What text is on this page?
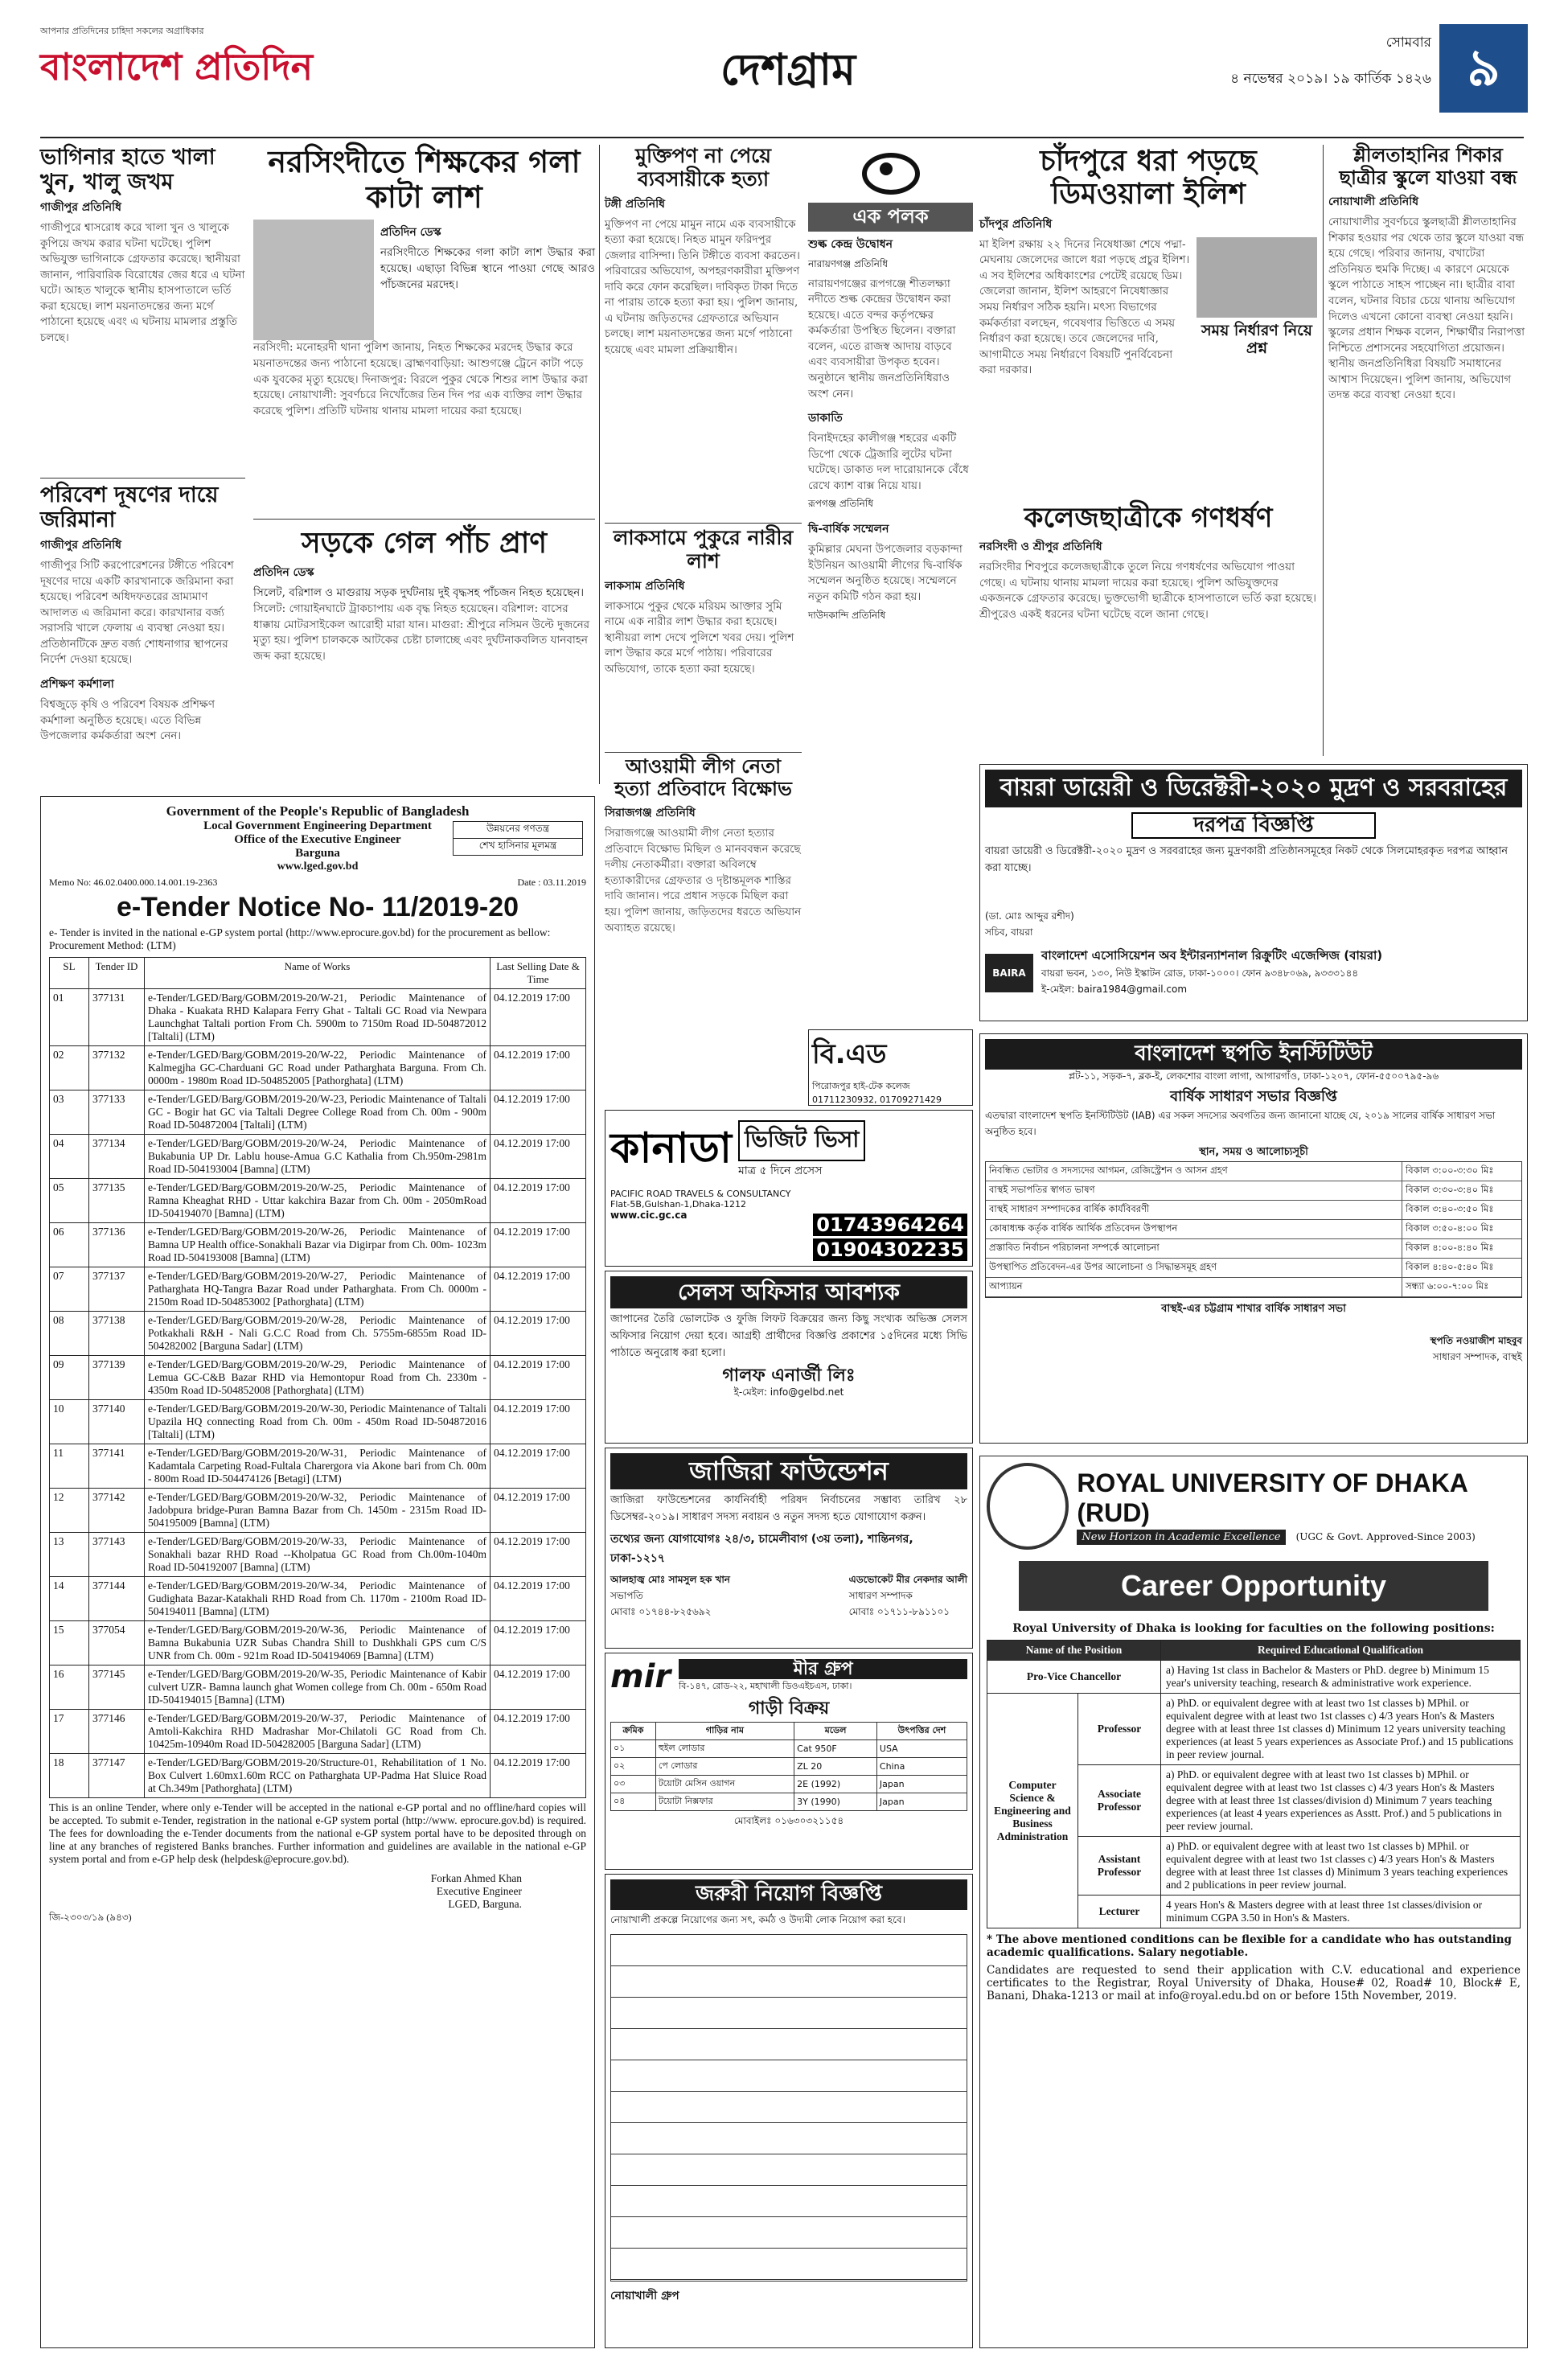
আপনার প্রতিদিনের চাহিদা সকলের অগ্রাধিকার
বাংলাদেশ প্রতিদিন	দেশগ্রাম
সোমবার
৪ নভেম্বর ২০১৯। ১৯ কার্তিক ১৪২৬ ৯
ভাগিনার হাতে খালা খুন, খালু জখম
গাজীপুর প্রতিনিধি
গাজীপুরে শ্বাসরোধ করে খালা খুন ও খালুকে কুপিয়ে জখম করার ঘটনা ঘটেছে। পুলিশ অভিযুক্ত ভাগিনাকে গ্রেফতার করেছে। স্থানীয়রা জানান, পারিবারিক বিরোধের জের ধরে এ ঘটনা ঘটে। আহত খালুকে স্থানীয় হাসপাতালে ভর্তি করা হয়েছে। লাশ ময়নাতদন্তের জন্য মর্গে পাঠানো হয়েছে এবং এ ঘটনায় মামলার প্রস্তুতি চলছে।
পরিবেশ দূষণের দায়ে জরিমানা
গাজীপুর প্রতিনিধি
গাজীপুর সিটি করপোরেশনের টঙ্গীতে পরিবেশ দূষণের দায়ে একটি কারখানাকে জরিমানা করা হয়েছে। পরিবেশ অধিদফতরের ভ্রাম্যমাণ আদালত এ জরিমানা করে। কারখানার বর্জ্য সরাসরি খালে ফেলায় এ ব্যবস্থা নেওয়া হয়। প্রতিষ্ঠানটিকে দ্রুত বর্জ্য শোধনাগার স্থাপনের নির্দেশ দেওয়া হয়েছে।
প্রশিক্ষণ কর্মশালা
বিশ্বজুড়ে কৃষি ও পরিবেশ বিষয়ক প্রশিক্ষণ কর্মশালা অনুষ্ঠিত হয়েছে। এতে বিভিন্ন উপজেলার কর্মকর্তারা অংশ নেন।
নরসিংদীতে শিক্ষকের গলা কাটা লাশ
প্রতিদিন ডেস্ক
নরসিংদীতে শিক্ষকের গলা কাটা লাশ উদ্ধার করা হয়েছে। এছাড়া বিভিন্ন স্থানে পাওয়া গেছে আরও পাঁচজনের মরদেহ।
নরসিংদী: মনোহরদী থানা পুলিশ জানায়, নিহত শিক্ষকের মরদেহ উদ্ধার করে ময়নাতদন্তের জন্য পাঠানো হয়েছে। ব্রাহ্মণবাড়িয়া: আশুগঞ্জে ট্রেনে কাটা পড়ে এক যুবকের মৃত্যু হয়েছে। দিনাজপুর: বিরলে পুকুর থেকে শিশুর লাশ উদ্ধার করা হয়েছে। নোয়াখালী: সুবর্ণচরে নিখোঁজের তিন দিন পর এক ব্যক্তির লাশ উদ্ধার করেছে পুলিশ। প্রতিটি ঘটনায় থানায় মামলা দায়ের করা হয়েছে।
সড়কে গেল পাঁচ প্রাণ
প্রতিদিন ডেস্ক
সিলেট, বরিশাল ও মাগুরায় সড়ক দুর্ঘটনায় দুই বৃদ্ধসহ পাঁচজন নিহত হয়েছেন।
সিলেট: গোয়াইনঘাটে ট্রাকচাপায় এক বৃদ্ধ নিহত হয়েছেন। বরিশাল: বাসের ধাক্কায় মোটরসাইকেল আরোহী মারা যান। মাগুরা: শ্রীপুরে নসিমন উল্টে দুজনের মৃত্যু হয়। পুলিশ চালককে আটকের চেষ্টা চালাচ্ছে এবং দুর্ঘটনাকবলিত যানবাহন জব্দ করা হয়েছে।
মুক্তিপণ না পেয়ে ব্যবসায়ীকে হত্যা
টঙ্গী প্রতিনিধি
মুক্তিপণ না পেয়ে মামুন নামে এক ব্যবসায়ীকে হত্যা করা হয়েছে। নিহত মামুন ফরিদপুর জেলার বাসিন্দা। তিনি টঙ্গীতে ব্যবসা করতেন। পরিবারের অভিযোগ, অপহরণকারীরা মুক্তিপণ দাবি করে ফোন করেছিল। দাবিকৃত টাকা দিতে না পারায় তাকে হত্যা করা হয়। পুলিশ জানায়, এ ঘটনায় জড়িতদের গ্রেফতারে অভিযান চলছে। লাশ ময়নাতদন্তের জন্য মর্গে পাঠানো হয়েছে এবং মামলা প্রক্রিয়াধীন।
লাকসামে পুকুরে নারীর লাশ
লাকসাম প্রতিনিধি
লাকসামে পুকুর থেকে মরিয়ম আক্তার সুমি নামে এক নারীর লাশ উদ্ধার করা হয়েছে। স্থানীয়রা লাশ দেখে পুলিশে খবর দেয়। পুলিশ লাশ উদ্ধার করে মর্গে পাঠায়। পরিবারের অভিযোগ, তাকে হত্যা করা হয়েছে।
আওয়ামী লীগ নেতা হত্যা প্রতিবাদে বিক্ষোভ
সিরাজগঞ্জ প্রতিনিধি
সিরাজগঞ্জে আওয়ামী লীগ নেতা হত্যার প্রতিবাদে বিক্ষোভ মিছিল ও মানববন্ধন করেছে দলীয় নেতাকর্মীরা। বক্তারা অবিলম্বে হত্যাকারীদের গ্রেফতার ও দৃষ্টান্তমূলক শাস্তির দাবি জানান। পরে প্রধান সড়কে মিছিল করা হয়। পুলিশ জানায়, জড়িতদের ধরতে অভিযান অব্যাহত রয়েছে।
এক পলক
শুল্ক কেন্দ্র উদ্বোধন
নারায়ণগঞ্জ প্রতিনিধি
নারায়ণগঞ্জের রূপগঞ্জে শীতলক্ষ্যা নদীতে শুল্ক কেন্দ্রের উদ্বোধন করা হয়েছে। এতে বন্দর কর্তৃপক্ষের কর্মকর্তারা উপস্থিত ছিলেন। বক্তারা বলেন, এতে রাজস্ব আদায় বাড়বে এবং ব্যবসায়ীরা উপকৃত হবেন। অনুষ্ঠানে স্থানীয় জনপ্রতিনিধিরাও অংশ নেন।
ডাকাতি
বিনাইদহের কালীগঞ্জ শহরের একটি ডিপো থেকে ট্রেজারি লুটের ঘটনা ঘটেছে। ডাকাত দল দারোয়ানকে বেঁধে রেখে ক্যাশ বাক্স নিয়ে যায়।
রূপগঞ্জ প্রতিনিধি
দ্বি-বার্ষিক সম্মেলন
কুমিল্লার মেঘনা উপজেলার বড়কান্দা ইউনিয়ন আওয়ামী লীগের দ্বি-বার্ষিক সম্মেলন অনুষ্ঠিত হয়েছে। সম্মেলনে নতুন কমিটি গঠন করা হয়।
দাউদকান্দি প্রতিনিধি
বি.এড
পিরোজপুর হাই-টেক কলেজ
01711230932, 01709271429
চাঁদপুরে ধরা পড়ছে ডিমওয়ালা ইলিশ
চাঁদপুর প্রতিনিধি
মা ইলিশ রক্ষায় ২২ দিনের নিষেধাজ্ঞা শেষে পদ্মা-মেঘনায় জেলেদের জালে ধরা পড়ছে প্রচুর ইলিশ। এ সব ইলিশের অধিকাংশের পেটেই রয়েছে ডিম। জেলেরা জানান, ইলিশ আহরণে নিষেধাজ্ঞার সময় নির্ধারণ সঠিক হয়নি। মৎস্য বিভাগের কর্মকর্তারা বলছেন, গবেষণার ভিত্তিতে এ সময় নির্ধারণ করা হয়েছে। তবে জেলেদের দাবি, আগামীতে সময় নির্ধারণে বিষয়টি পুনর্বিবেচনা করা দরকার।
সময় নির্ধারণ নিয়ে প্রশ্ন
কলেজছাত্রীকে গণধর্ষণ
নরসিংদী ও শ্রীপুর প্রতিনিধি
নরসিংদীর শিবপুরে কলেজছাত্রীকে তুলে নিয়ে গণধর্ষণের অভিযোগ পাওয়া গেছে। এ ঘটনায় থানায় মামলা দায়ের করা হয়েছে। পুলিশ অভিযুক্তদের একজনকে গ্রেফতার করেছে। ভুক্তভোগী ছাত্রীকে হাসপাতালে ভর্তি করা হয়েছে। শ্রীপুরেও একই ধরনের ঘটনা ঘটেছে বলে জানা গেছে।
শ্লীলতাহানির শিকার ছাত্রীর স্কুলে যাওয়া বন্ধ
নোয়াখালী প্রতিনিধি
নোয়াখালীর সুবর্ণচরে স্কুলছাত্রী শ্লীলতাহানির শিকার হওয়ার পর থেকে তার স্কুলে যাওয়া বন্ধ হয়ে গেছে। পরিবার জানায়, বখাটেরা প্রতিনিয়ত হুমকি দিচ্ছে। এ কারণে মেয়েকে স্কুলে পাঠাতে সাহস পাচ্ছেন না। ছাত্রীর বাবা বলেন, ঘটনার বিচার চেয়ে থানায় অভিযোগ দিলেও এখনো কোনো ব্যবস্থা নেওয়া হয়নি। স্কুলের প্রধান শিক্ষক বলেন, শিক্ষার্থীর নিরাপত্তা নিশ্চিতে প্রশাসনের সহযোগিতা প্রয়োজন। স্থানীয় জনপ্রতিনিধিরা বিষয়টি সমাধানের আশ্বাস দিয়েছেন। পুলিশ জানায়, অভিযোগ তদন্ত করে ব্যবস্থা নেওয়া হবে।
Government of the People's Republic of Bangladesh
Local Government Engineering Department
Office of the Executive Engineer
Barguna
www.lged.gov.bd
উন্নয়নের গণতন্ত্র
শেখ হাসিনার মূলমন্ত্র
Memo No: 46.02.0400.000.14.001.19-2363	Date : 03.11.2019
e-Tender Notice No- 11/2019-20
e- Tender is invited in the national e-GP system portal (http://www.eprocure.gov.bd) for the procurement as bellow: Procurement Method: (LTM)
SL	Tender ID	Name of Works	Last Selling Date & Time
01	377131	e-Tender/LGED/Barg/GOBM/2019-20/W-21, Periodic Maintenance of Dhaka - Kuakata RHD Kalapara Ferry Ghat - Taltali GC Road via Newpara Launchghat Taltali portion From Ch. 5900m to 7150m Road ID-504872012 [Taltali] (LTM)	04.12.2019 17:00
02	377132	e-Tender/LGED/Barg/GOBM/2019-20/W-22, Periodic Maintenance of Kalmegjha GC-Charduani GC Road under Patharghata Barguna. From Ch. 0000m - 1980m Road ID-504852005 [Pathorghata] (LTM)	04.12.2019 17:00
03	377133	e-Tender/LGED/Barg/GOBM/2019-20/W-23, Periodic Maintenance of Taltali GC - Bogir hat GC via Taltali Degree College Road from Ch. 00m - 900m Road ID-504872004 [Taltali] (LTM)	04.12.2019 17:00
04	377134	e-Tender/LGED/Barg/GOBM/2019-20/W-24, Periodic Maintenance of Bukabunia UP Dr. Lablu house-Amua G.C Kathalia from Ch.950m-2981m Road ID-504193004 [Bamna] (LTM)	04.12.2019 17:00
05	377135	e-Tender/LGED/Barg/GOBM/2019-20/W-25, Periodic Maintenance of Ramna Kheaghat RHD - Uttar kakchira Bazar from Ch. 00m - 2050mRoad ID-504194070 [Bamna] (LTM)	04.12.2019 17:00
06	377136	e-Tender/LGED/Barg/GOBM/2019-20/W-26, Periodic Maintenance of Bamna UP Health office-Sonakhali Bazar via Digirpar from Ch. 00m- 1023m Road ID-504193008 [Bamna] (LTM)	04.12.2019 17:00
07	377137	e-Tender/LGED/Barg/GOBM/2019-20/W-27, Periodic Maintenance of Patharghata HQ-Tangra Bazar Road under Patharghata. From Ch. 0000m - 2150m Road ID-504853002 [Pathorghata] (LTM)	04.12.2019 17:00
08	377138	e-Tender/LGED/Barg/GOBM/2019-20/W-28, Periodic Maintenance of Potkakhali R&H - Nali G.C.C Road from Ch. 5755m-6855m Road ID-504282002 [Barguna Sadar] (LTM)	04.12.2019 17:00
09	377139	e-Tender/LGED/Barg/GOBM/2019-20/W-29, Periodic Maintenance of Lemua GC-C&B Bazar RHD via Hemontopur Road from Ch. 2330m - 4350m Road ID-504852008 [Pathorghata] (LTM)	04.12.2019 17:00
10	377140	e-Tender/LGED/Barg/GOBM/2019-20/W-30, Periodic Maintenance of Taltali Upazila HQ connecting Road from Ch. 00m - 450m Road ID-504872016 [Taltali] (LTM)	04.12.2019 17:00
11	377141	e-Tender/LGED/Barg/GOBM/2019-20/W-31, Periodic Maintenance of Kadamtala Carpeting Road-Fultala Charergora via Akone bari from Ch. 00m - 800m Road ID-504474126 [Betagi] (LTM)	04.12.2019 17:00
12	377142	e-Tender/LGED/Barg/GOBM/2019-20/W-32, Periodic Maintenance of Jadobpura bridge-Puran Bamna Bazar from Ch. 1450m - 2315m Road ID-504195009 [Bamna] (LTM)	04.12.2019 17:00
13	377143	e-Tender/LGED/Barg/GOBM/2019-20/W-33, Periodic Maintenance of Sonakhali bazar RHD Road --Kholpatua GC Road from Ch.00m-1040m Road ID-504192007 [Bamna] (LTM)	04.12.2019 17:00
14	377144	e-Tender/LGED/Barg/GOBM/2019-20/W-34, Periodic Maintenance of Gudighata Bazar-Katakhali RHD Road from Ch. 1170m - 2100m Road ID-504194011 [Bamna] (LTM)	04.12.2019 17:00
15	377054	e-Tender/LGED/Barg/GOBM/2019-20/W-36, Periodic Maintenance of Bamna Bukabunia UZR Subas Chandra Shill to Dushkhali GPS cum C/S UNR from Ch. 00m - 921m Road ID-504194069 [Bamna] (LTM)	04.12.2019 17:00
16	377145	e-Tender/LGED/Barg/GOBM/2019-20/W-35, Periodic Maintenance of Kabir culvert UZR- Bamna launch ghat Women college from Ch. 00m - 650m Road ID-504194015 [Bamna] (LTM)	04.12.2019 17:00
17	377146	e-Tender/LGED/Barg/GOBM/2019-20/W-37, Periodic Maintenance of Amtoli-Kakchira RHD Madrashar Mor-Chilatoli GC Road from Ch. 10425m-10940m Road ID-504282005 [Barguna Sadar] (LTM)	04.12.2019 17:00
18	377147	e-Tender/LGED/Barg/GOBM/2019-20/Structure-01, Rehabilitation of 1 No. Box Culvert 1.60mx1.60m RCC on Patharghata UP-Padma Hat Sluice Road at Ch.349m [Pathorghata] (LTM)	04.12.2019 17:00
This is an online Tender, where only e-Tender will be accepted in the national e-GP portal and no offline/hard copies will be accepted. To submit e-Tender, registration in the national e-GP system portal (http://www. eprocure.gov.bd) is required. The fees for downloading the e-Tender documents from the national e-GP system portal have to be deposited through on line at any branches of registered Banks branches. Further information and guidelines are available in the national e-GP system portal and from e-GP help desk (helpdesk@eprocure.gov.bd).
Forkan Ahmed Khan
Executive Engineer
LGED, Barguna.
জি-২৩০৩/১৯ (৯৪৩)
কানাডা ভিজিট ভিসা
মাত্র ৫ দিনে প্রসেস
PACIFIC ROAD TRAVELS & CONSULTANCY
Flat-5B,Gulshan-1,Dhaka-1212
www.cic.gc.ca	01743964264
01904302235
সেলস অফিসার আবশ্যক
জাপানের তৈরি ভোলটেক ও ফুজি লিফট বিক্রয়ের জন্য কিছু সংখ্যক অভিজ্ঞ সেলস অফিসার নিয়োগ দেয়া হবে। আগ্রহী প্রার্থীদের বিজ্ঞপ্তি প্রকাশের ১৫দিনের মধ্যে সিভি পাঠাতে অনুরোধ করা হলো।
গালফ এনার্জী লিঃ
ই-মেইল: info@gelbd.net
জাজিরা ফাউন্ডেশন
জাজিরা ফাউন্ডেশনের কার্যনির্বাহী পরিষদ নির্বাচনের সম্ভাব্য তারিখ ২৮ ডিসেম্বর-২০১৯। সাধারণ সদস্য নবায়ন ও নতুন সদস্য হতে যোগাযোগ করুন।
তথ্যের জন্য যোগাযোগঃ ২৪/৩, চামেলীবাগ (৩য় তলা), শান্তিনগর, ঢাকা-১২১৭
আলহাজ্ব মোঃ সামসুল হক খান
সভাপতি
মোবাঃ ০১৭৪৪-৮২৫৬৯২
এডভোকেট মীর নেকদার আলী
সাধারণ সম্পাদক
মোবাঃ ০১৭১১-৮৯১১০১
mir	মীর গ্রুপ
বি-১৪৭, রোড-২২, মহাখালী ডিওএইচএস, ঢাকা।
গাড়ী বিক্রয়
ক্রমিক	গাড়ির নাম	মডেল	উৎপত্তির দেশ
০১	হুইল লোডার	Cat 950F	USA
০২	পে লোডার	ZL 20	China
০৩	টয়োটা মেসিন ওয়াগন	2E (1992)	Japan
০৪	টয়োটা নিক্সফার	3Y (1990)	Japan
মোবাইলঃ ০১৬৩০৩২১১৫৪
জরুরী নিয়োগ বিজ্ঞপ্তি
নোয়াখালী প্রকল্পে নিয়োগের জন্য সৎ, কর্মঠ ও উদ্যমী লোক নিয়োগ করা হবে।
নোয়াখালী গ্রুপ
বায়রা ডায়েরী ও ডিরেক্টরী-২০২০ মুদ্রণ ও সরবরাহের
দরপত্র বিজ্ঞপ্তি
বায়রা ডায়েরী ও ডিরেক্টরী-২০২০ মুদ্রণ ও সরবরাহের জন্য মুদ্রণকারী প্রতিষ্ঠানসমূহের নিকট থেকে সিলমোহরকৃত দরপত্র আহ্বান করা যাচ্ছে।
(ডা. মোঃ আব্দুর রশীদ)
সচিব, বায়রা
BAIRA
বাংলাদেশ এসোসিয়েশন অব ইন্টারন্যাশনাল রিক্রুটিং এজেন্সিজ (বায়রা)
বায়রা ভবন, ১৩০, নিউ ইস্কাটন রোড, ঢাকা-১০০০। ফোন ৯৩৪৮০৬৯, ৯৩৩৩১৪৪
ই-মেইল: baira1984@gmail.com
বাংলাদেশ স্থপতি ইনস্টিটিউট
প্লট-১১, সড়ক-৭, ব্লক-ই, লেকশোর বাংলা লাগা, আগারগাঁও, ঢাকা-১২০৭, ফোন-৫৫০০৭৯৫-৯৬
বার্ষিক সাধারণ সভার বিজ্ঞপ্তি
এতদ্বারা বাংলাদেশ স্থপতি ইনস্টিটিউট (IAB) এর সকল সদস্যের অবগতির জন্য জানানো যাচ্ছে যে, ২০১৯ সালের বার্ষিক সাধারণ সভা অনুষ্ঠিত হবে।
স্থান, সময় ও আলোচ্যসূচী
নিবন্ধিত ভোটার ও সদস্যদের আগমন, রেজিস্ট্রেশন ও আসন গ্রহণ	বিকাল ৩:০০-৩:৩০ মিঃ
বাস্থই সভাপতির স্বাগত ভাষণ	বিকাল ৩:৩০-৩:৪০ মিঃ
বাস্থই সাধারণ সম্পাদকের বার্ষিক কার্যবিবরণী	বিকাল ৩:৪০-৩:৫০ মিঃ
কোষাধ্যক্ষ কর্তৃক বার্ষিক আর্থিক প্রতিবেদন উপস্থাপন	বিকাল ৩:৫০-৪:০০ মিঃ
প্রস্তাবিত নির্বাচন পরিচালনা সম্পর্কে আলোচনা	বিকাল ৪:০০-৪:৪০ মিঃ
উপস্থাপিত প্রতিবেদন-এর উপর আলোচনা ও সিদ্ধান্তসমূহ গ্রহণ	বিকাল ৪:৪০-৫:৪০ মিঃ
আপ্যায়ন	সন্ধ্যা ৬:০০-৭:০০ মিঃ
বাস্থই-এর চট্টগ্রাম শাখার বার্ষিক সাধারণ সভা
স্থপতি নওয়াজীশ মাহবুব
সাধারণ সম্পাদক, বাস্থই
ROYAL UNIVERSITY OF DHAKA (RUD)
New Horizon in Academic Excellence (UGC & Govt. Approved-Since 2003)
Career Opportunity
Royal University of Dhaka is looking for faculties on the following positions:
Name of the Position		Required Educational Qualification
Pro-Vice Chancellor		a) Having 1st class in Bachelor & Masters or PhD. degree b) Minimum 15 year's university teaching, research & administrative work experience.
Computer Science & Engineering and Business Administration	Professor	a) PhD. or equivalent degree with at least two 1st classes b) MPhil. or equivalent degree with at least two 1st classes c) 4/3 years Hon's & Masters degree with at least three 1st classes d) Minimum 12 years university teaching experiences (at least 5 years experiences as Associate Prof.) and 15 publications in peer review journal.
	Associate Professor	a) PhD. or equivalent degree with at least two 1st classes b) MPhil. or equivalent degree with at least two 1st classes c) 4/3 years Hon's & Masters degree with at least three 1st classes/division d) Minimum 7 years teaching experiences (at least 4 years experiences as Asstt. Prof.) and 5 publications in peer review journal.
	Assistant Professor	a) PhD. or equivalent degree with at least two 1st classes b) MPhil. or equivalent degree with at least two 1st classes c) 4/3 years Hon's & Masters degree with at least three 1st classes d) Minimum 3 years teaching experiences and 2 publications in peer review journal.
	Lecturer	4 years Hon's & Masters degree with at least three 1st classes/division or minimum CGPA 3.50 in Hon's & Masters.
* The above mentioned conditions can be flexible for a candidate who has outstanding academic qualifications. Salary negotiable.
Candidates are requested to send their application with C.V. educational and experience certificates to the Registrar, Royal University of Dhaka, House# 02, Road# 10, Block# E, Banani, Dhaka-1213 or mail at info@royal.edu.bd on or before 15th November, 2019.
